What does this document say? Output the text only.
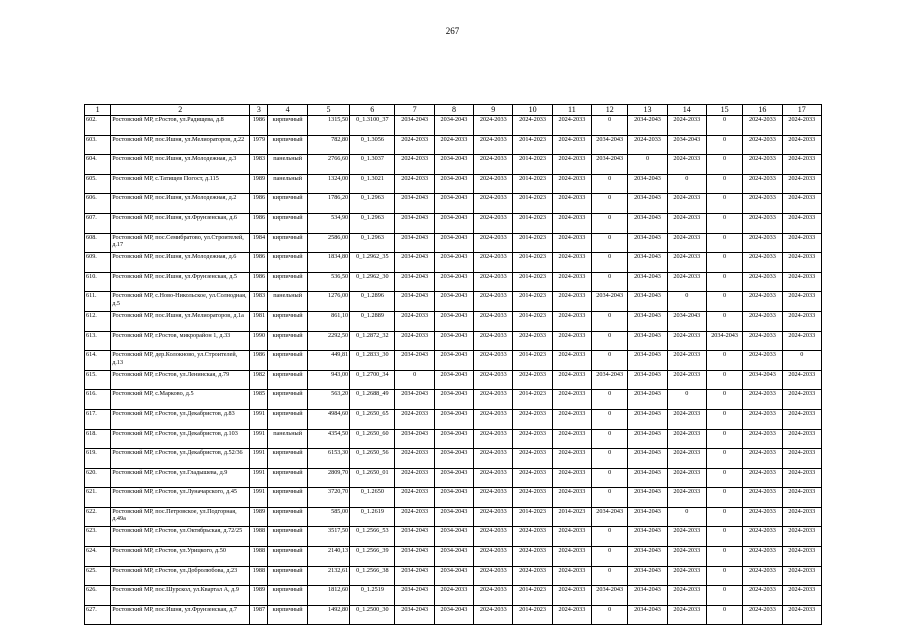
267
1	2	3	4	5	6	7	8	9	10	11	12	13	14	15	16	17
602.	Ростовский МР, г.Ростов, ул.Радищева, д.8	1986	кирпичный	1315,50	0_1.3100_37	2034-2043	2034-2043	2024-2033	2024-2033	2024-2033	0	2034-2043	2024-2033	0	2024-2033	2024-2033
603.	Ростовский МР, пос.Ишня, ул.Мелиораторов, д.22	1979	кирпичный	782,80	0_1.3056	2024-2033	2024-2033	2024-2033	2014-2023	2024-2033	2034-2043	2024-2033	2034-2043	0	2024-2033	2024-2033
604.	Ростовский МР, пос.Ишня, ул.Молодежная, д.3	1983	панельный	2766,60	0_1.3037	2024-2033	2034-2043	2024-2033	2014-2023	2024-2033	2034-2043	0	2024-2033	0	2024-2033	2024-2033
605.	Ростовский МР, с.Татищев Погост, д.115	1989	панельный	1324,00	0_1.3021	2024-2033	2034-2043	2024-2033	2014-2023	2024-2033	0	2034-2043	0	0	2024-2033	2024-2033
606.	Ростовский МР, пос.Ишня, ул.Молодежная, д.2	1986	кирпичный	1786,20	0_1.2963	2034-2043	2034-2043	2024-2033	2014-2023	2024-2033	0	2034-2043	2024-2033	0	2024-2033	2024-2033
607.	Ростовский МР, пос.Ишня, ул.Фрунзенская, д.6	1986	кирпичный	534,90	0_1.2963	2034-2043	2034-2043	2024-2033	2014-2023	2024-2033	0	2034-2043	2024-2033	0	2024-2033	2024-2033
608.	Ростовский МР, пос.Семибратово, ул.Строителей, д.17	1984	кирпичный	2586,00	0_1.2963	2034-2043	2034-2043	2024-2033	2014-2023	2024-2033	0	2034-2043	2024-2033	0	2024-2033	2024-2033
609.	Ростовский МР, пос.Ишня, ул.Молодежная, д.6	1986	кирпичный	1834,80	0_1.2962_35	2034-2043	2034-2043	2024-2033	2014-2023	2024-2033	0	2034-2043	2024-2033	0	2024-2033	2024-2033
610.	Ростовский МР, пос.Ишня, ул.Фрунзенская, д.5	1986	кирпичный	536,50	0_1.2962_30	2034-2043	2034-2043	2024-2033	2014-2023	2024-2033	0	2034-2043	2024-2033	0	2024-2033	2024-2033
611.	Ростовский МР, с.Ново-Никольское, ул.Солнодная, д.5	1983	панельный	1276,00	0_1.2896	2034-2043	2034-2043	2024-2033	2014-2023	2024-2033	2034-2043	2034-2043	0	0	2024-2033	2024-2033
612.	Ростовский МР, пос.Ишня, ул.Мелиораторов, д.1а	1981	кирпичный	861,10	0_1.2889	2024-2033	2034-2043	2024-2033	2014-2023	2024-2033	0	2034-2043	2034-2043	0	2024-2033	2024-2033
613.	Ростовский МР, г.Ростов, микрорайон 1, д.33	1990	кирпичный	2292,50	0_1.2872_32	2024-2033	2034-2043	2024-2033	2024-2033	2024-2033	0	2034-2043	2024-2033	2034-2043	2024-2033	2024-2033
614.	Ростовский МР, дер.Колокново, ул.Строителей, д.13	1986	кирпичный	449,81	0_1.2833_30	2034-2043	2034-2043	2024-2033	2014-2023	2024-2033	0	2034-2043	2024-2033	0	2024-2033	0
615.	Ростовский МР, г.Ростов, ул.Ленинская, д.79	1982	кирпичный	943,00	0_1.2700_34	0	2034-2043	2024-2033	2024-2033	2024-2033	2034-2043	2034-2043	2024-2033	0	2034-2043	2024-2033
616.	Ростовский МР, с.Марково, д.5	1985	кирпичный	563,20	0_1.2688_49	2034-2043	2034-2043	2024-2033	2014-2023	2024-2033	0	2034-2043	0	0	2024-2033	2024-2033
617.	Ростовский МР, г.Ростов, ул.Декабристов, д.83	1991	кирпичный	4984,60	0_1.2650_65	2024-2033	2034-2043	2024-2033	2024-2033	2024-2033	0	2034-2043	2024-2033	0	2024-2033	2024-2033
618.	Ростовский МР, г.Ростов, ул.Декабристов, д.103	1991	панельный	4354,50	0_1.2650_60	2034-2043	2034-2043	2024-2033	2024-2033	2024-2033	0	2034-2043	2024-2033	0	2024-2033	2024-2033
619.	Ростовский МР, г.Ростов, ул.Декабристов, д.52/36	1991	кирпичный	6153,30	0_1.2650_56	2024-2033	2034-2043	2024-2033	2024-2033	2024-2033	0	2034-2043	2024-2033	0	2024-2033	2024-2033
620.	Ростовский МР, г.Ростов, ул.Гладышева, д.9	1991	кирпичный	2809,70	0_1.2650_01	2024-2033	2034-2043	2024-2033	2024-2033	2024-2033	0	2034-2043	2024-2033	0	2024-2033	2024-2033
621.	Ростовский МР, г.Ростов, ул.Луначарского, д.45	1991	кирпичный	3720,70	0_1.2650	2024-2033	2034-2043	2024-2033	2024-2033	2024-2033	0	2034-2043	2024-2033	0	2024-2033	2024-2033
622.	Ростовский МР, пос.Петровское, ул.Подгорная, д.49а	1989	кирпичный	585,00	0_1.2619	2024-2033	2034-2043	2024-2033	2014-2023	2014-2023	2034-2043	2034-2043	0	0	2024-2033	2024-2033
623.	Ростовский МР, г.Ростов, ул.Октябрьская, д.72/25	1988	кирпичный	3517,50	0_1.2566_53	2034-2043	2034-2043	2024-2033	2024-2033	2024-2033	0	2034-2043	2024-2033	0	2024-2033	2024-2033
624.	Ростовский МР, г.Ростов, ул.Урицкого, д.50	1988	кирпичный	2140,13	0_1.2566_39	2034-2043	2034-2043	2024-2033	2024-2033	2024-2033	0	2034-2043	2024-2033	0	2024-2033	2024-2033
625.	Ростовский МР, г.Ростов, ул.Добролюбова, д.23	1988	кирпичный	2132,61	0_1.2566_38	2034-2043	2034-2043	2024-2033	2024-2033	2024-2033	0	2034-2043	2024-2033	0	2024-2033	2024-2033
626.	Ростовский МР, пос.Шурскол, ул.Квартал А, д.9	1989	кирпичный	1812,60	0_1.2519	2034-2043	2024-2033	2024-2033	2014-2023	2024-2033	2034-2043	2034-2043	2024-2033	0	2024-2033	2024-2033
627.	Ростовский МР, пос.Ишня, ул.Фрунзенская, д.7	1987	кирпичный	1492,80	0_1.2500_30	2034-2043	2034-2043	2024-2033	2014-2023	2024-2033	0	2034-2043	2024-2033	0	2024-2033	2024-2033
